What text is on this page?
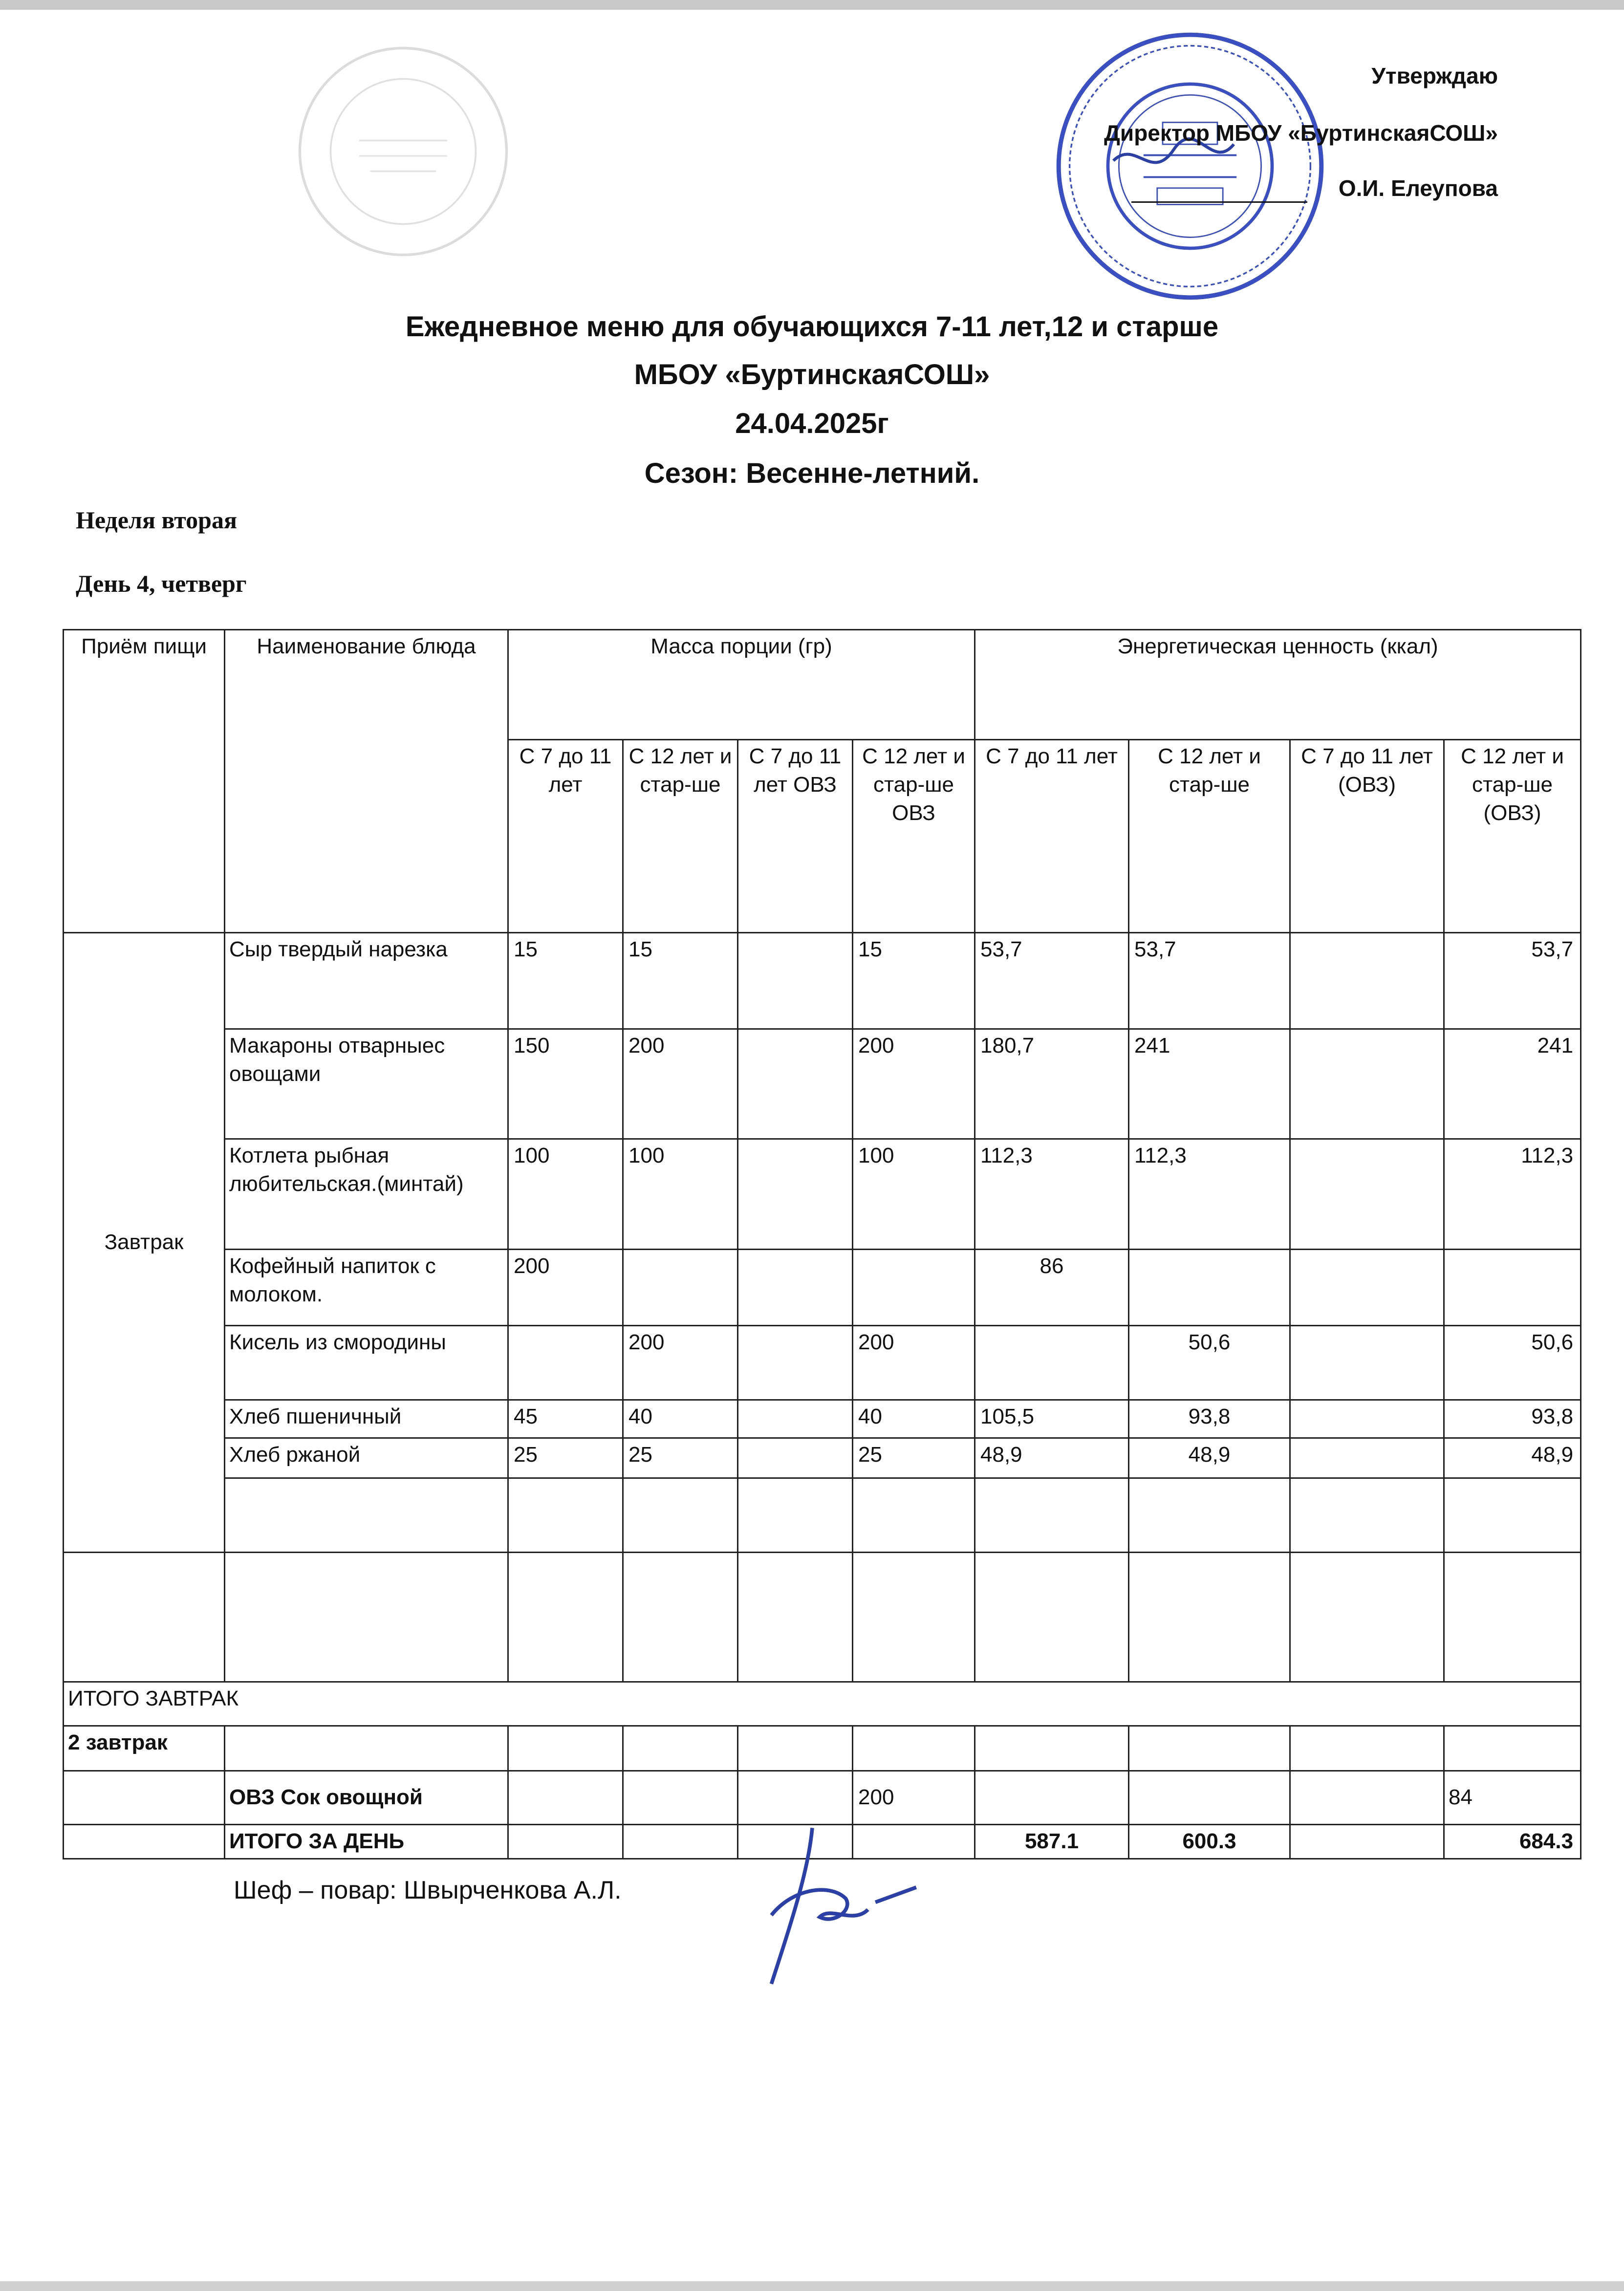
Утверждаю
Директор МБОУ «БуртинскаяСОШ»
О.И. Елеупова
Ежедневное меню для обучающихся 7-11 лет,12 и старше
МБОУ «БуртинскаяСОШ»
24.04.2025г
Сезон: Весенне-летний.
Неделя вторая
День 4, четверг
Приём пищи	Наименование блюда	Масса порции (гр)				Энергетическая ценность (ккал)			
		С 7 до 11 лет	С 12 лет и стар-ше	С 7 до 11 лет ОВЗ	С 12 лет и стар-ше ОВЗ	С 7 до 11 лет	С 12 лет и стар-ше	С 7 до 11 лет (ОВЗ)	С 12 лет и стар-ше (ОВЗ)
Завтрак	Сыр твердый нарезка	15	15		15	53,7	53,7		53,7
	Макароны отварныес овощами	150	200		200	180,7	241		241
	Котлета рыбная любительская.(минтай)	100	100		100	112,3	112,3		112,3
	Кофейный напиток с молоком.	200				86			
	Кисель из смородины		200		200		50,6		50,6
	Хлеб пшеничный	45	40		40	105,5	93,8		93,8
	Хлеб ржаной	25	25		25	48,9	48,9		48,9

ИТОГО ЗАВТРАК									
2 завтрак									
	ОВЗ Сок овощной				200				84
	ИТОГО ЗА ДЕНЬ					587.1	600.3		684.3
Шеф – повар: Швырченкова А.Л.
